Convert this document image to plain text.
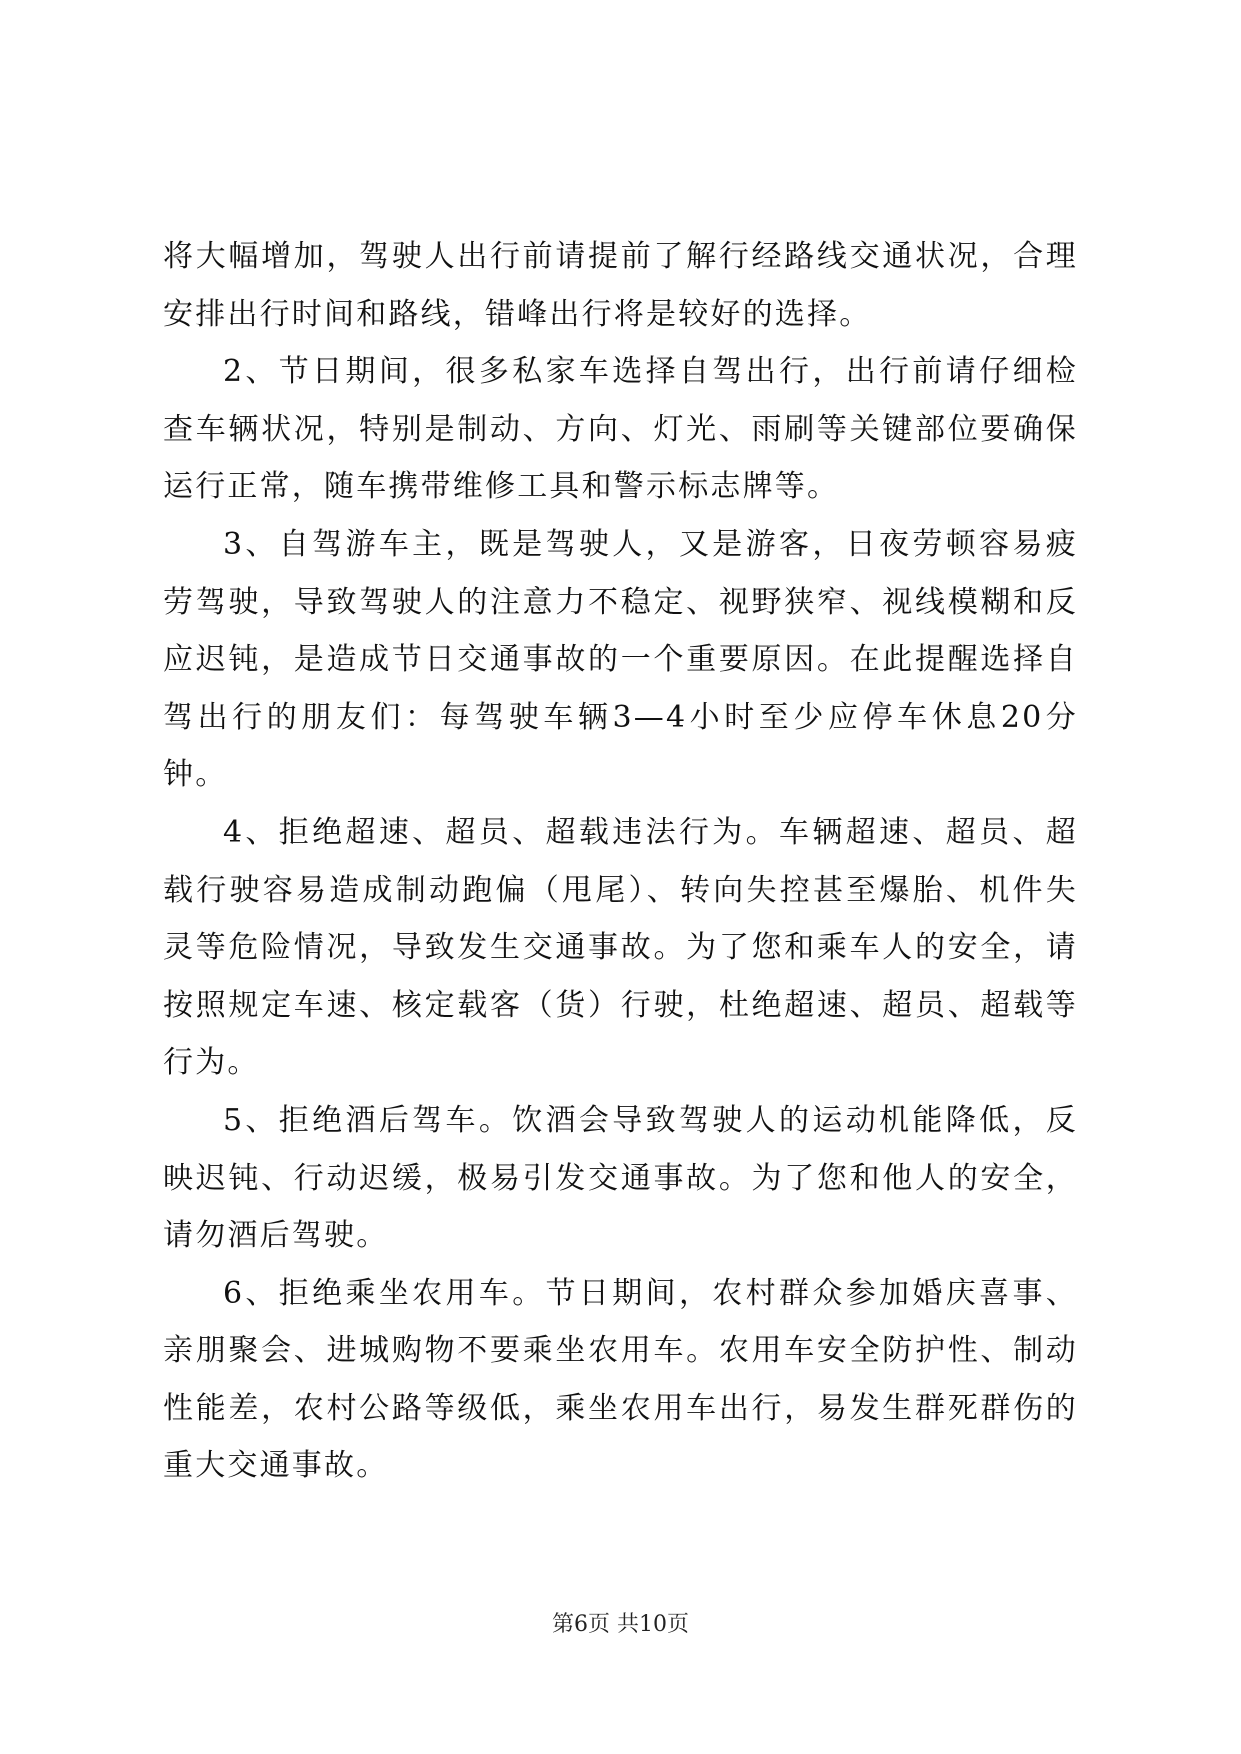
将大幅增加，驾驶人出行前请提前了解行经路线交通状况，合理安排出行时间和路线，错峰出行将是较好的选择。

2、节日期间，很多私家车选择自驾出行，出行前请仔细检查车辆状况，特别是制动、方向、灯光、雨刷等关键部位要确保运行正常，随车携带维修工具和警示标志牌等。

3、自驾游车主，既是驾驶人，又是游客，日夜劳顿容易疲劳驾驶，导致驾驶人的注意力不稳定、视野狭窄、视线模糊和反应迟钝，是造成节日交通事故的一个重要原因。在此提醒选择自驾出行的朋友们：每驾驶车辆3—4小时至少应停车休息20分钟。

4、拒绝超速、超员、超载违法行为。车辆超速、超员、超载行驶容易造成制动跑偏（甩尾）、转向失控甚至爆胎、机件失灵等危险情况，导致发生交通事故。为了您和乘车人的安全，请按照规定车速、核定载客（货）行驶，杜绝超速、超员、超载等行为。

5、拒绝酒后驾车。饮酒会导致驾驶人的运动机能降低，反映迟钝、行动迟缓，极易引发交通事故。为了您和他人的安全，请勿酒后驾驶。

6、拒绝乘坐农用车。节日期间，农村群众参加婚庆喜事、亲朋聚会、进城购物不要乘坐农用车。农用车安全防护性、制动性能差，农村公路等级低，乘坐农用车出行，易发生群死群伤的重大交通事故。

第6页 共10页
